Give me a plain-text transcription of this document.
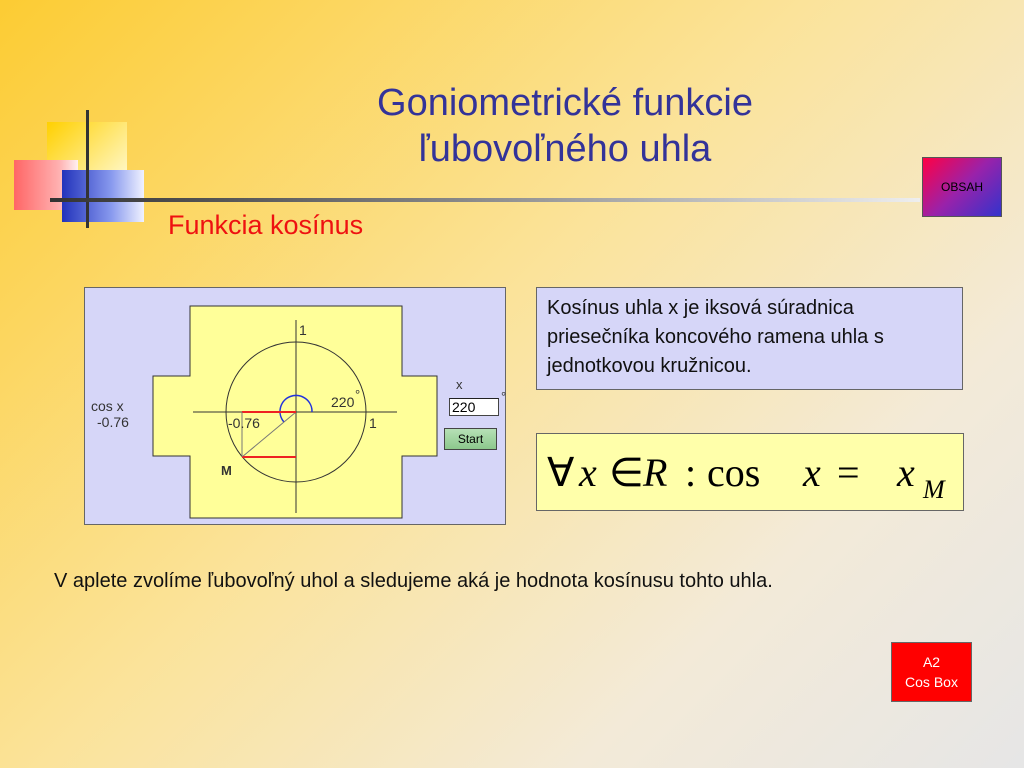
Goniometrické funkcie
ľubovoľného uhla
OBSAH
Funkcia kosínus
1
1
-0.76
220 °
M
cos x
-0.76
x
220
°
Start
Kosínus uhla x je iksová súradnica priesečníka koncového ramena uhla s jednotkovou kružnicou.
∀ x ∈ R : cos x = x M
V aplete zvolíme ľubovoľný uhol a sledujeme aká je hodnota kosínusu tohto uhla.
A2
Cos Box
